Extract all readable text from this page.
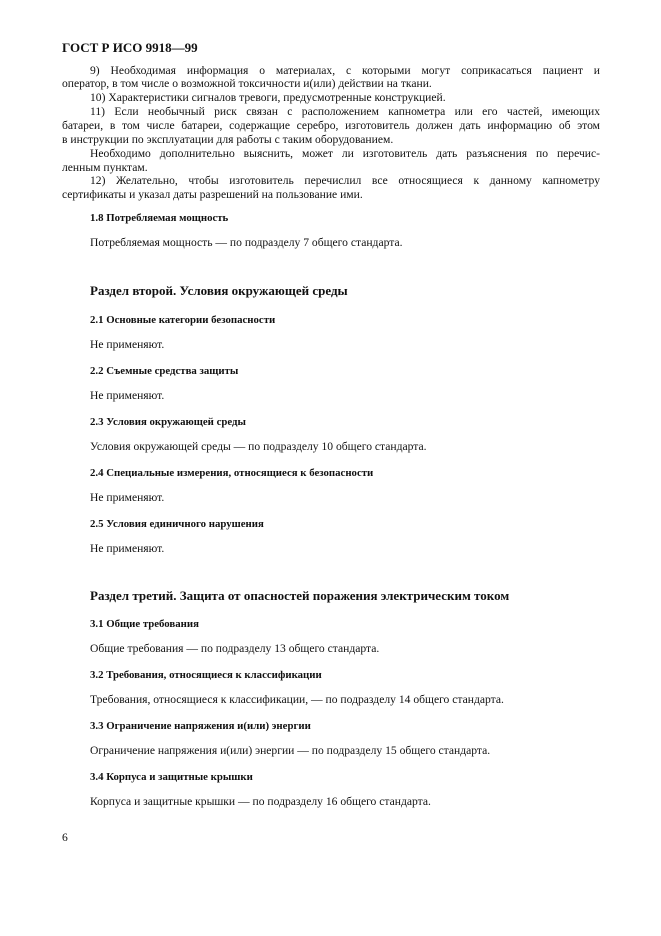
ГОСТ Р ИСО 9918—99
9) Необходимая информация о материалах, с которыми могут соприкасаться пациент и
оператор, в том числе о возможной токсичности и(или) действии на ткани.
10) Характеристики сигналов тревоги, предусмотренные конструкцией.
11) Если необычный риск связан с расположением капнометра или его частей, имеющих
батареи, в том числе батареи, содержащие серебро, изготовитель должен дать информацию об этом
в инструкции по эксплуатации для работы с таким оборудованием.
Необходимо дополнительно выяснить, может ли изготовитель дать разъяснения по перечис-
ленным пунктам.
12) Желательно, чтобы изготовитель перечислил все относящиеся к данному капнометру
сертификаты и указал даты разрешений на пользование ими.
1.8 Потребляемая мощность
Потребляемая мощность — по подразделу 7 общего стандарта.
Раздел второй. Условия окружающей среды
2.1 Основные категории безопасности
Не применяют.
2.2 Съемные средства защиты
Не применяют.
2.3 Условия окружающей среды
Условия окружающей среды — по подразделу 10 общего стандарта.
2.4 Специальные измерения, относящиеся к безопасности
Не применяют.
2.5 Условия единичного нарушения
Не применяют.
Раздел третий. Защита от опасностей поражения электрическим током
3.1 Общие требования
Общие требования — по подразделу 13 общего стандарта.
3.2 Требования, относящиеся к классификации
Требования, относящиеся к классификации, — по подразделу 14 общего стандарта.
3.3 Ограничение напряжения и(или) энергии
Ограничение напряжения и(или) энергии — по подразделу 15 общего стандарта.
3.4 Корпуса и защитные крышки
Корпуса и защитные крышки — по подразделу 16 общего стандарта.
6
